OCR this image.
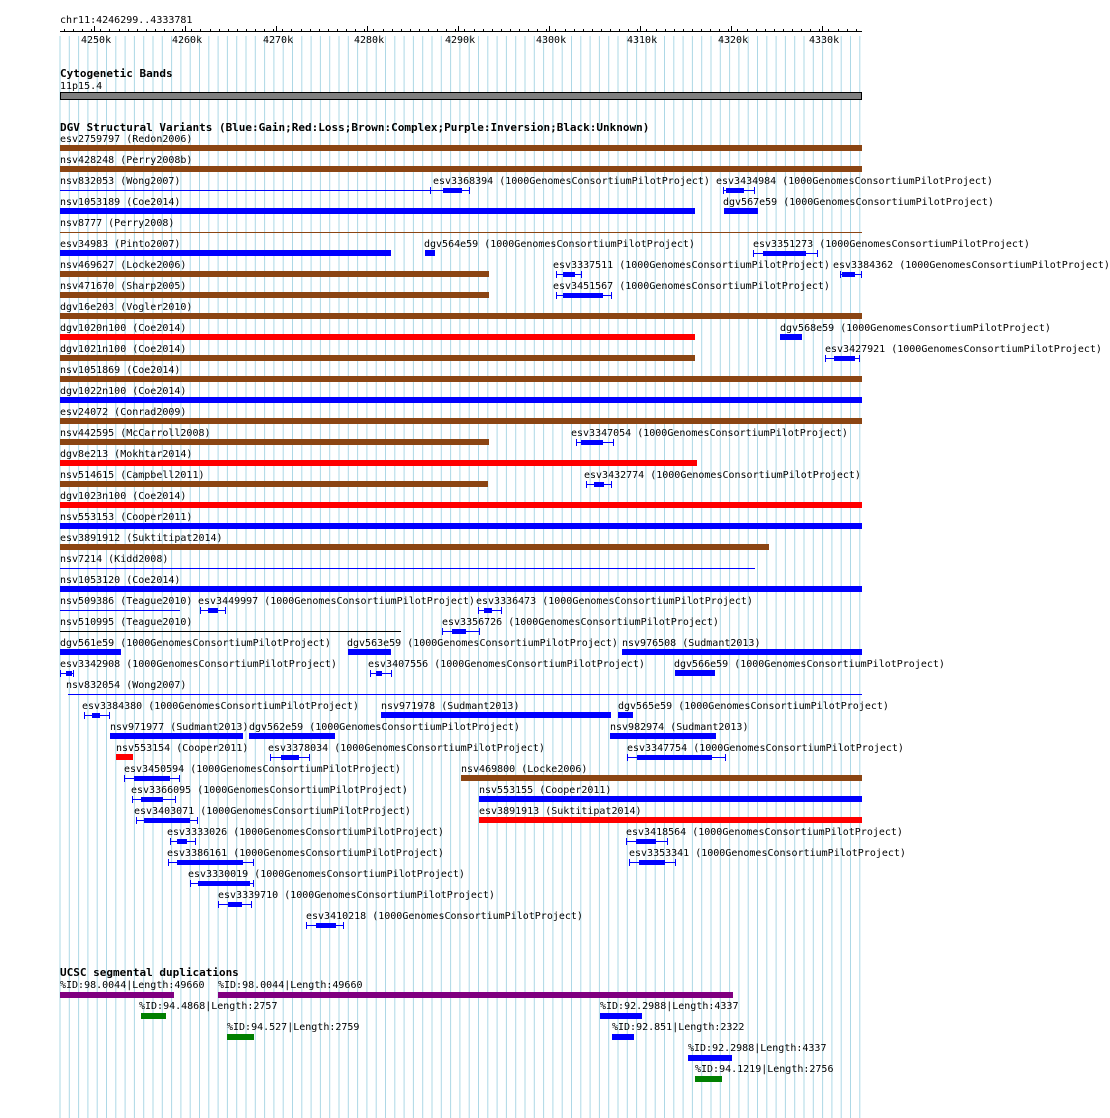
chr11:4246299..4333781
4250k	4260k	4270k	4280k	4290k	4300k	4310k	4320k	4330k
Cytogenetic Bands
11p15.4
DGV Structural Variants (Blue:Gain;Red:Loss;Brown:Complex;Purple:Inversion;Black:Unknown)
esv2759797 (Redon2006)
nsv428248 (Perry2008b)
nsv832053 (Wong2007)	esv3368394 (1000GenomesConsortiumPilotProject) esv3434984 (1000GenomesConsortiumPilotProject)
nsv1053189 (Coe2014)	dgv567e59 (1000GenomesConsortiumPilotProject)
nsv8777 (Perry2008)
esv34983 (Pinto2007)	dgv564e59 (1000GenomesConsortiumPilotProject)	esv3351273 (1000GenomesConsortiumPilotProject)
nsv469627 (Locke2006)	esv3337511 (1000GenomesConsortiumPilotProject) esv3384362 (1000GenomesConsortiumPilotProject)
nsv471670 (Sharp2005)	esv3451567 (1000GenomesConsortiumPilotProject)
dgv16e203 (Vogler2010)
dgv1020n100 (Coe2014)	dgv568e59 (1000GenomesConsortiumPilotProject)
dgv1021n100 (Coe2014)	esv3427921 (1000GenomesConsortiumPilotProject)
nsv1051869 (Coe2014)
dgv1022n100 (Coe2014)
esv24072 (Conrad2009)
nsv442595 (McCarroll2008)	esv3347054 (1000GenomesConsortiumPilotProject)
dgv8e213 (Mokhtar2014)
nsv514615 (Campbell2011)	esv3432774 (1000GenomesConsortiumPilotProject)
dgv1023n100 (Coe2014)
nsv553153 (Cooper2011)
esv3891912 (Suktitipat2014)
nsv7214 (Kidd2008)
nsv1053120 (Coe2014)
nsv509386 (Teague2010) esv3449997 (1000GenomesConsortiumPilotProject) esv3336473 (1000GenomesConsortiumPilotProject)
nsv510995 (Teague2010)	esv3356726 (1000GenomesConsortiumPilotProject)
dgv561e59 (1000GenomesConsortiumPilotProject) dgv563e59 (1000GenomesConsortiumPilotProject) nsv976508 (Sudmant2013)
esv3342908 (1000GenomesConsortiumPilotProject)	esv3407556 (1000GenomesConsortiumPilotProject)	dgv566e59 (1000GenomesConsortiumPilotProject)
nsv832054 (Wong2007)
esv3384380 (1000GenomesConsortiumPilotProject) nsv971978 (Sudmant2013)	dgv565e59 (1000GenomesConsortiumPilotProject)
nsv971977 (Sudmant2013) dgv562e59 (1000GenomesConsortiumPilotProject)	nsv982974 (Sudmant2013)
nsv553154 (Cooper2011) esv3378034 (1000GenomesConsortiumPilotProject)	esv3347754 (1000GenomesConsortiumPilotProject)
esv3450594 (1000GenomesConsortiumPilotProject)	nsv469800 (Locke2006)
esv3366095 (1000GenomesConsortiumPilotProject)	nsv553155 (Cooper2011)
esv3403071 (1000GenomesConsortiumPilotProject)	esv3891913 (Suktitipat2014)
esv3333026 (1000GenomesConsortiumPilotProject)	esv3418564 (1000GenomesConsortiumPilotProject)
esv3386161 (1000GenomesConsortiumPilotProject)	esv3353341 (1000GenomesConsortiumPilotProject)
esv3330019 (1000GenomesConsortiumPilotProject)
esv3339710 (1000GenomesConsortiumPilotProject)
esv3410218 (1000GenomesConsortiumPilotProject)
UCSC segmental duplications
%ID:98.0044|Length:49660 %ID:98.0044|Length:49660
%ID:94.4868|Length:2757	%ID:92.2988|Length:4337
%ID:94.527|Length:2759	%ID:92.851|Length:2322
%ID:92.2988|Length:4337
%ID:94.1219|Length:2756
